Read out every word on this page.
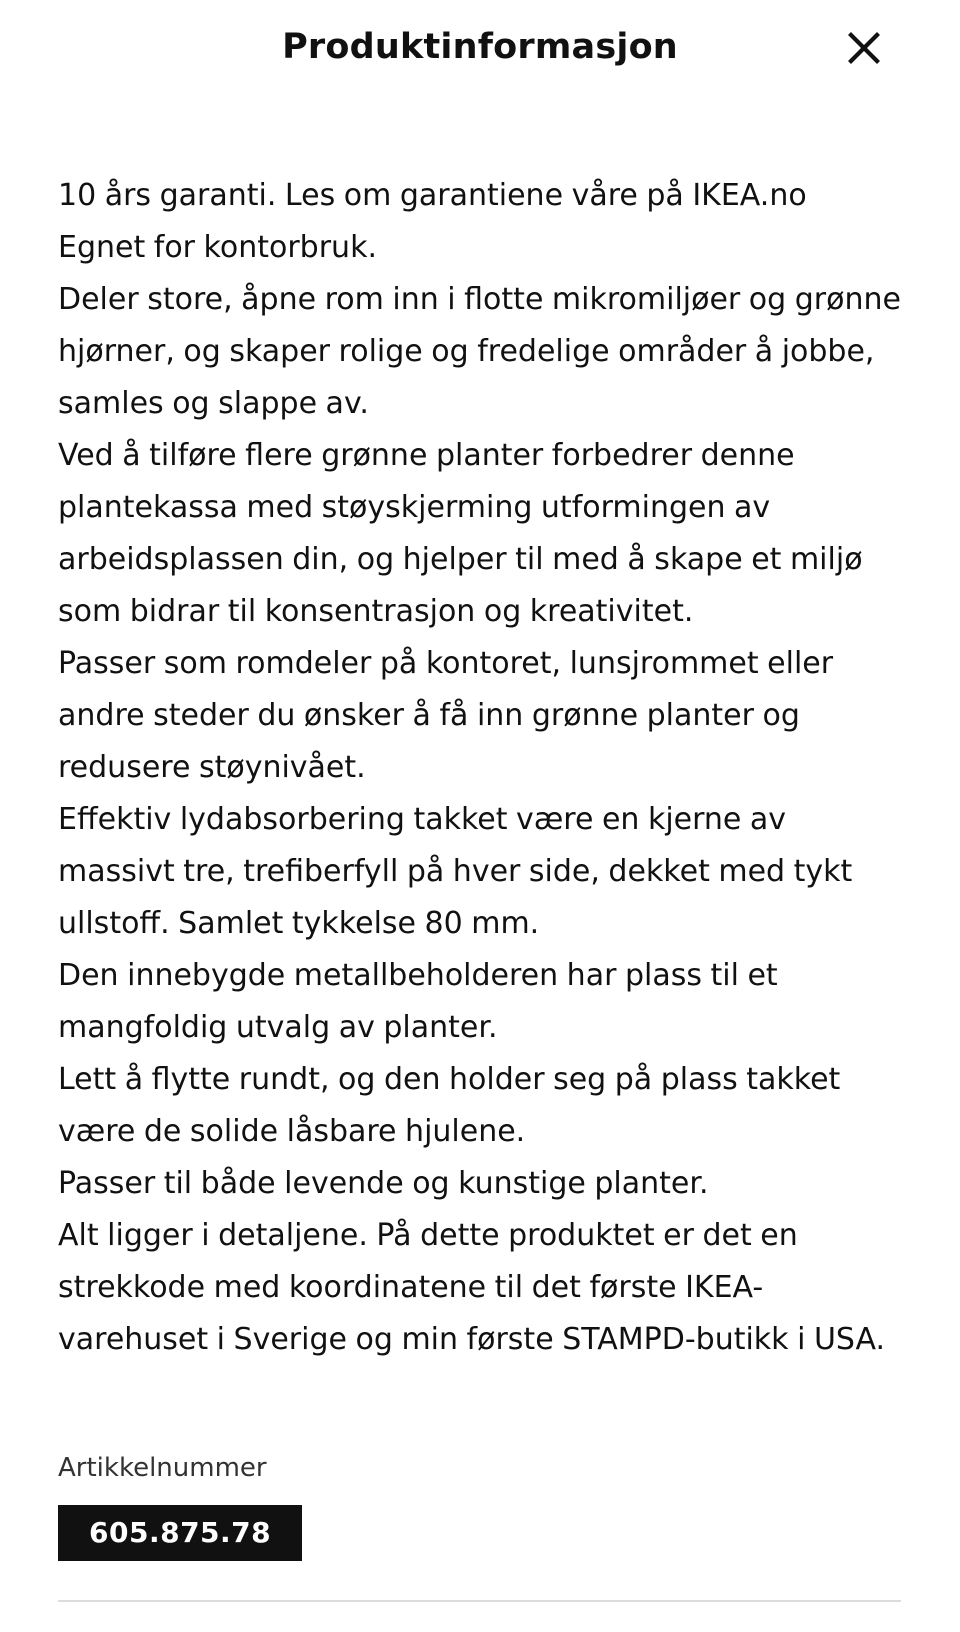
Produktinformasjon

10 års garanti. Les om garantiene våre på IKEA.no

Egnet for kontorbruk.

Deler store, åpne rom inn i flotte mikromiljøer og grønne hjørner, og skaper rolige og fredelige områder å jobbe, samles og slappe av.

Ved å tilføre flere grønne planter forbedrer denne plantekassa med støyskjerming utformingen av arbeidsplassen din, og hjelper til med å skape et miljø som bidrar til konsentrasjon og kreativitet.

Passer som romdeler på kontoret, lunsjrommet eller andre steder du ønsker å få inn grønne planter og redusere støynivået.

Effektiv lydabsorbering takket være en kjerne av massivt tre, trefiberfyll på hver side, dekket med tykt ullstoff. Samlet tykkelse 80 mm.

Den innebygde metallbeholderen har plass til et mangfoldig utvalg av planter.

Lett å flytte rundt, og den holder seg på plass takket være de solide låsbare hjulene.

Passer til både levende og kunstige planter.

Alt ligger i detaljene. På dette produktet er det en strekkode med koordinatene til det første IKEA-varehuset i Sverige og min første STAMPD-butikk i USA.

Artikkelnummer

605.875.78
